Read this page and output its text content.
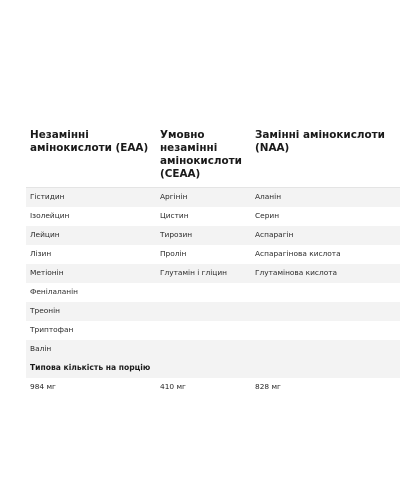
Незамінні амінокислоти (EAA)	Умовно незамінні амінокислоти (CEAA)	Замінні амінокислоти (NAA)
Гістидин	Аргінін	Аланін
Ізолейцин	Цистин	Серин
Лейцин	Тирозин	Аспарагін
Лізин	Пролін	Аспарагінова кислота
Метіонін	Глутамін і гліцин	Глутамінова кислота
Фенілаланін		
Треонін		
Триптофан		
Валін		
Типова кількість на порцію		
984 мг	410 мг	828 мг
